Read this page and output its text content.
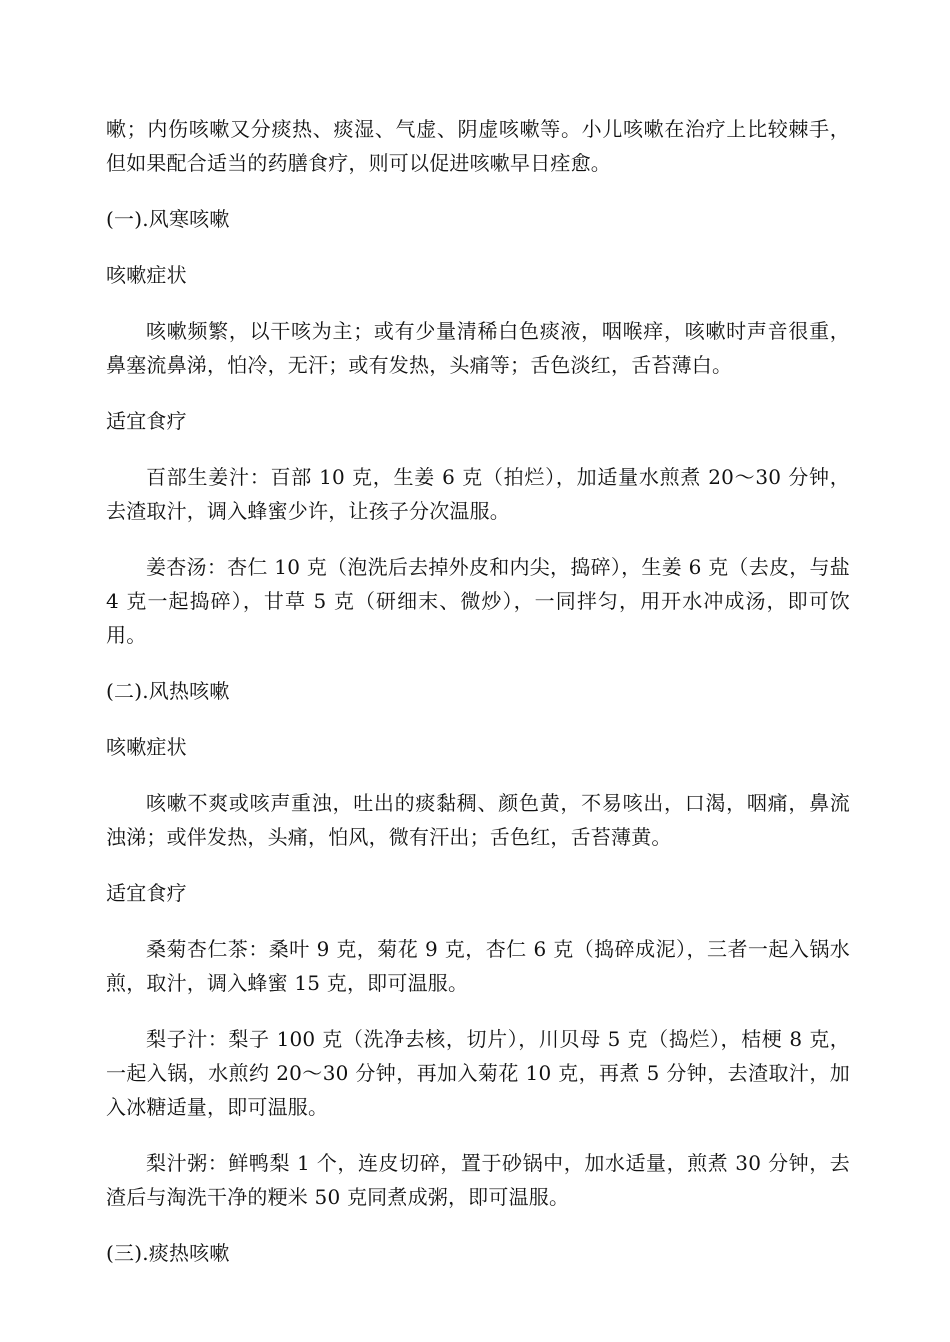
嗽；内伤咳嗽又分痰热、痰湿、气虚、阴虚咳嗽等。小儿咳嗽在治疗上比较棘手，但如果配合适当的药膳食疗，则可以促进咳嗽早日痊愈。

(一).风寒咳嗽

咳嗽症状

咳嗽频繁，以干咳为主；或有少量清稀白色痰液，咽喉痒，咳嗽时声音很重，鼻塞流鼻涕，怕冷，无汗；或有发热，头痛等；舌色淡红，舌苔薄白。

适宜食疗

百部生姜汁：百部 10 克，生姜 6 克（拍烂），加适量水煎煮 20～30 分钟，去渣取汁，调入蜂蜜少许，让孩子分次温服。

姜杏汤：杏仁 10 克（泡洗后去掉外皮和内尖，捣碎），生姜 6 克（去皮，与盐 4 克一起捣碎），甘草 5 克（研细末、微炒），一同拌匀，用开水冲成汤，即可饮用。

(二).风热咳嗽

咳嗽症状

咳嗽不爽或咳声重浊，吐出的痰黏稠、颜色黄，不易咳出，口渴，咽痛，鼻流浊涕；或伴发热，头痛，怕风，微有汗出；舌色红，舌苔薄黄。

适宜食疗

桑菊杏仁茶：桑叶 9 克，菊花 9 克，杏仁 6 克（捣碎成泥），三者一起入锅水煎，取汁，调入蜂蜜 15 克，即可温服。

梨子汁：梨子 100 克（洗净去核，切片），川贝母 5 克（捣烂），桔梗 8 克，一起入锅，水煎约 20～30 分钟，再加入菊花 10 克，再煮 5 分钟，去渣取汁，加入冰糖适量，即可温服。

梨汁粥：鲜鸭梨 1 个，连皮切碎，置于砂锅中，加水适量，煎煮 30 分钟，去渣后与淘洗干净的粳米 50 克同煮成粥，即可温服。

(三).痰热咳嗽
